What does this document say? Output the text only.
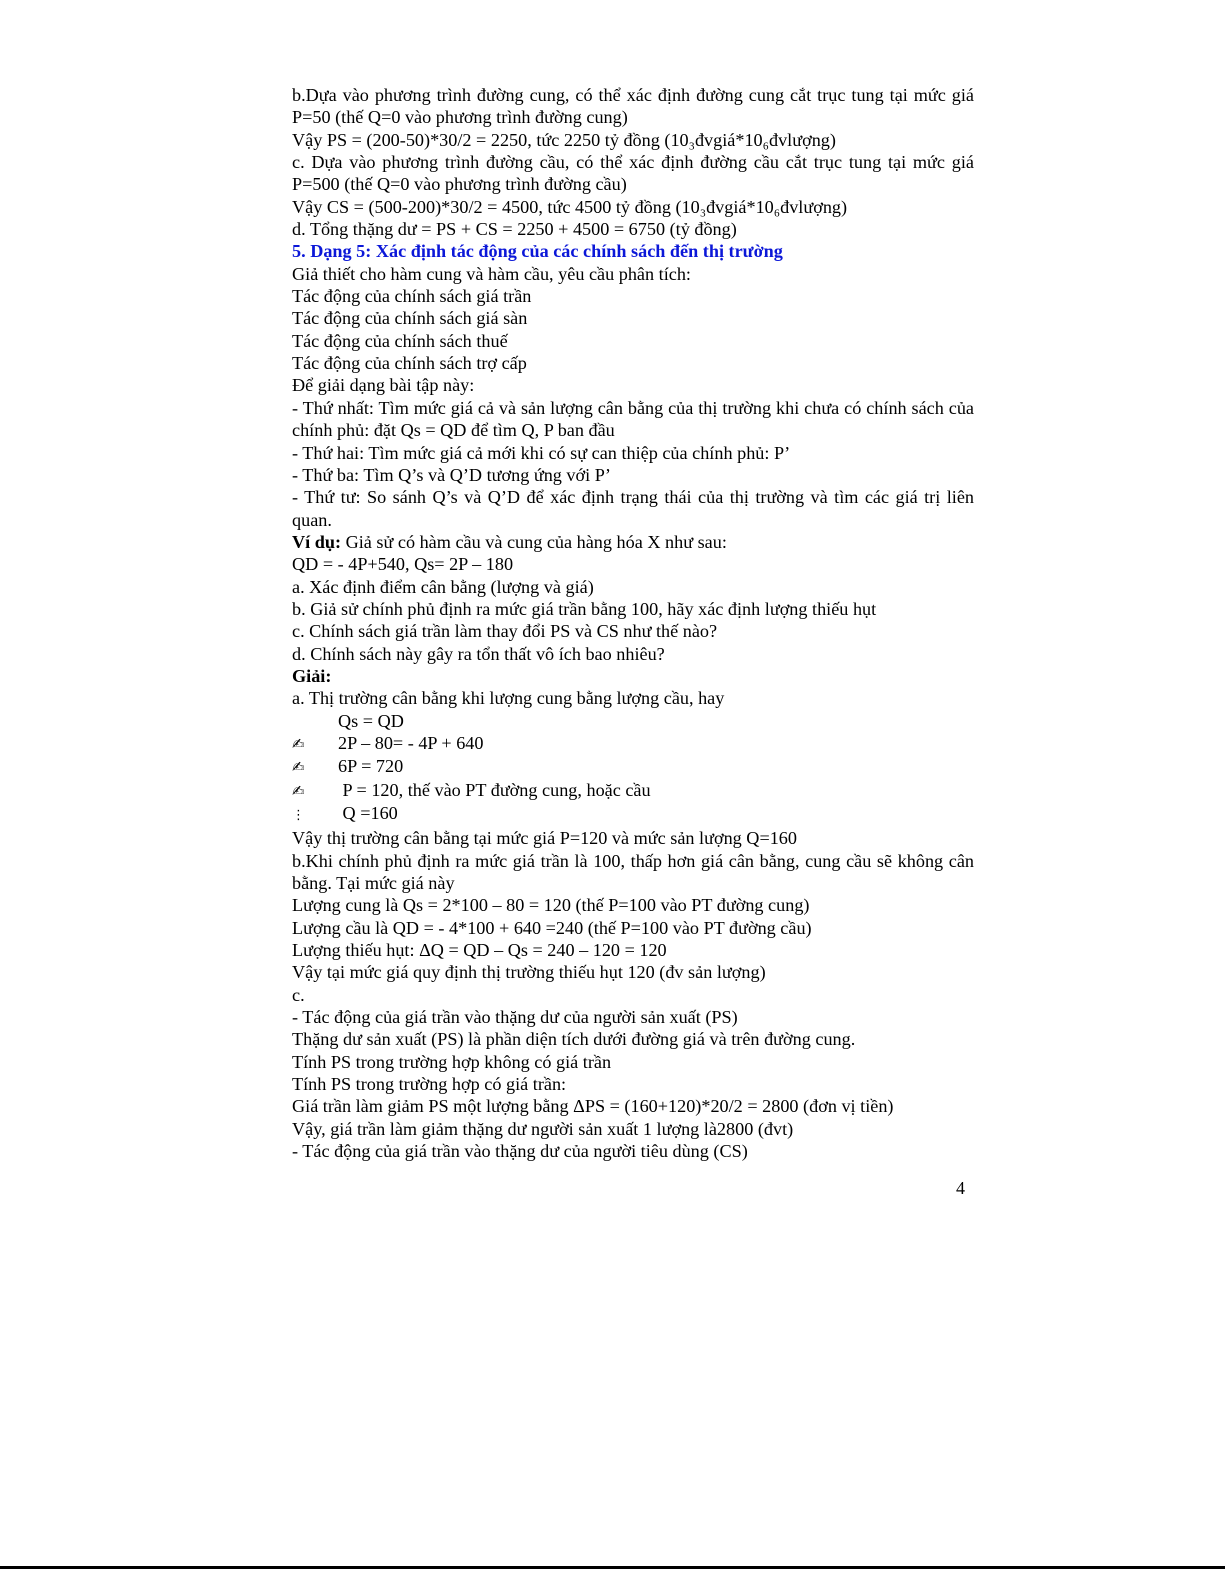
b.Dựa vào phương trình đường cung, có thể xác định đường cung cắt trục tung tại mức giá P=50 (thế Q=0 vào phương trình đường cung)

Vậy PS = (200-50)*30/2 = 2250, tức 2250 tỷ đồng (10₃đvgiá*10₆đvlượng)

c. Dựa vào phương trình đường cầu, có thể xác định đường cầu cắt trục tung tại mức giá P=500 (thế Q=0 vào phương trình đường cầu)

Vậy CS = (500-200)*30/2 = 4500, tức 4500 tỷ đồng (10₃đvgiá*10₆đvlượng)

d. Tổng thặng dư = PS + CS = 2250 + 4500 = 6750 (tỷ đồng)

5. Dạng 5: Xác định tác động của các chính sách đến thị trường

Giả thiết cho hàm cung và hàm cầu, yêu cầu phân tích:

Tác động của chính sách giá trần

Tác động của chính sách giá sàn

Tác động của chính sách thuế

Tác động của chính sách trợ cấp

Để giải dạng bài tập này:

- Thứ nhất: Tìm mức giá cả và sản lượng cân bằng của thị trường khi chưa có chính sách của chính phủ: đặt Qs = QD để tìm Q, P ban đầu

- Thứ hai: Tìm mức giá cả mới khi có sự can thiệp của chính phủ: P’

- Thứ ba: Tìm Q’s và Q’D tương ứng với P’

- Thứ tư: So sánh Q’s và Q’D để xác định trạng thái của thị trường và tìm các giá trị liên quan.

Ví dụ: Giả sử có hàm cầu và cung của hàng hóa X như sau:

QD = - 4P+540, Qs= 2P – 180

a. Xác định điểm cân bằng (lượng và giá)

b. Giả sử chính phủ định ra mức giá trần bằng 100, hãy xác định lượng thiếu hụt

c. Chính sách giá trần làm thay đổi PS và CS như thế nào?

d. Chính sách này gây ra tổn thất vô ích bao nhiêu?

Giải:

a. Thị trường cân bằng khi lượng cung bằng lượng cầu, hay

Qs = QD
✍ 2P – 80= - 4P + 640
✍ 6P = 720
✍ P = 120, thế vào PT đường cung, hoặc cầu
⋮ Q =160

Vậy thị trường cân bằng tại mức giá P=120 và mức sản lượng Q=160

b.Khi chính phủ định ra mức giá trần là 100, thấp hơn giá cân bằng, cung cầu sẽ không cân bằng. Tại mức giá này

Lượng cung là Qs = 2*100 – 80 = 120 (thế P=100 vào PT đường cung)

Lượng cầu là QD = - 4*100 + 640 =240 (thế P=100 vào PT đường cầu)

Lượng thiếu hụt: ΔQ = QD – Qs = 240 – 120 = 120

Vậy tại mức giá quy định thị trường thiếu hụt 120 (đv sản lượng)

c.

- Tác động của giá trần vào thặng dư của người sản xuất (PS)

Thặng dư sản xuất (PS) là phần diện tích dưới đường giá và trên đường cung.

Tính PS trong trường hợp không có giá trần

Tính PS trong trường hợp có giá trần:

Giá trần làm giảm PS một lượng bằng ΔPS = (160+120)*20/2 = 2800 (đơn vị tiền)

Vậy, giá trần làm giảm thặng dư người sản xuất 1 lượng là2800 (đvt)

- Tác động của giá trần vào thặng dư của người tiêu dùng (CS)

4
